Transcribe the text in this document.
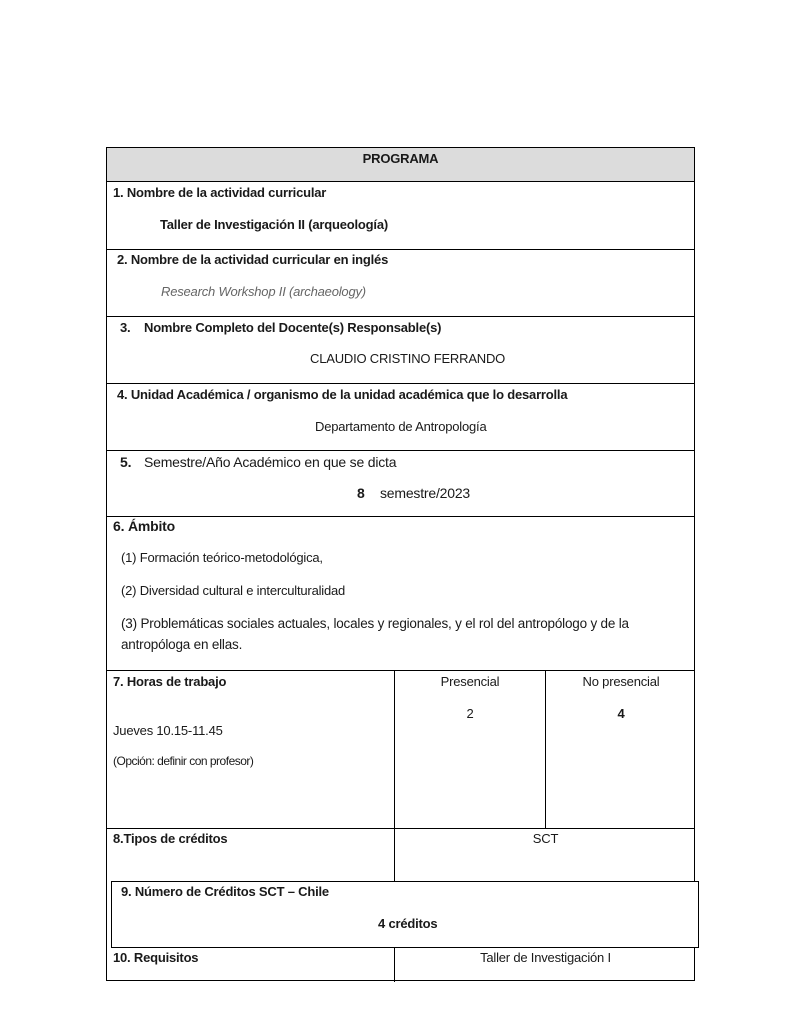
PROGRAMA
1. Nombre de la actividad curricular
Taller de Investigación II (arqueología)
2. Nombre de la actividad curricular en inglés
Research Workshop II (archaeology)
3. Nombre Completo del Docente(s) Responsable(s)
CLAUDIO CRISTINO FERRANDO
4. Unidad Académica / organismo de la unidad académica que lo desarrolla
Departamento de Antropología
5. Semestre/Año Académico en que se dicta
8 semestre/2023
6. Ámbito
(1) Formación teórico-metodológica,
(2) Diversidad cultural e interculturalidad
(3) Problemáticas sociales actuales, locales y regionales, y el rol del antropólogo y de la
antropóloga en ellas.
7. Horas de trabajo
Jueves 10.15-11.45
(Opción: definir con profesor)
Presencial	No presencial
2	4
8.Tipos de créditos	SCT
9. Número de Créditos SCT – Chile
4 créditos
10. Requisitos	Taller de Investigación I
